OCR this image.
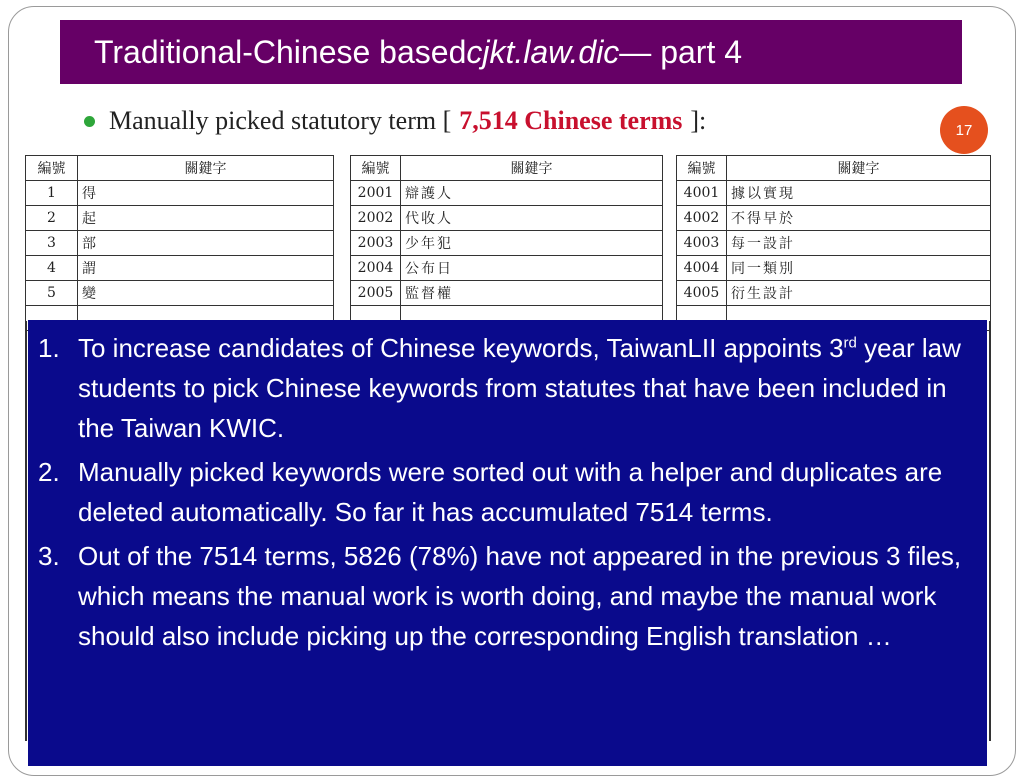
Traditional-Chinese based cjkt.law.dic — part 4
Manually picked statutory term [ 7,514 Chinese terms ]:	17
編號	關鍵字
1	得
2	起
3	部
4	謂
5	變

編號	關鍵字
2001	辯護人
2002	代收人
2003	少年犯
2004	公布日
2005	監督權

編號	關鍵字
4001	據以實現
4002	不得早於
4003	每一設計
4004	同一類別
4005	衍生設計

1. To increase candidates of Chinese keywords, TaiwanLII appoints 3rd year law students to pick Chinese keywords from statutes that have been included in the Taiwan KWIC.
2. Manually picked keywords were sorted out with a helper and duplicates are deleted automatically. So far it has accumulated 7514 terms.
3. Out of the 7514 terms, 5826 (78%) have not appeared in the previous 3 files, which means the manual work is worth doing, and maybe the manual work should also include picking up the corresponding English translation …
